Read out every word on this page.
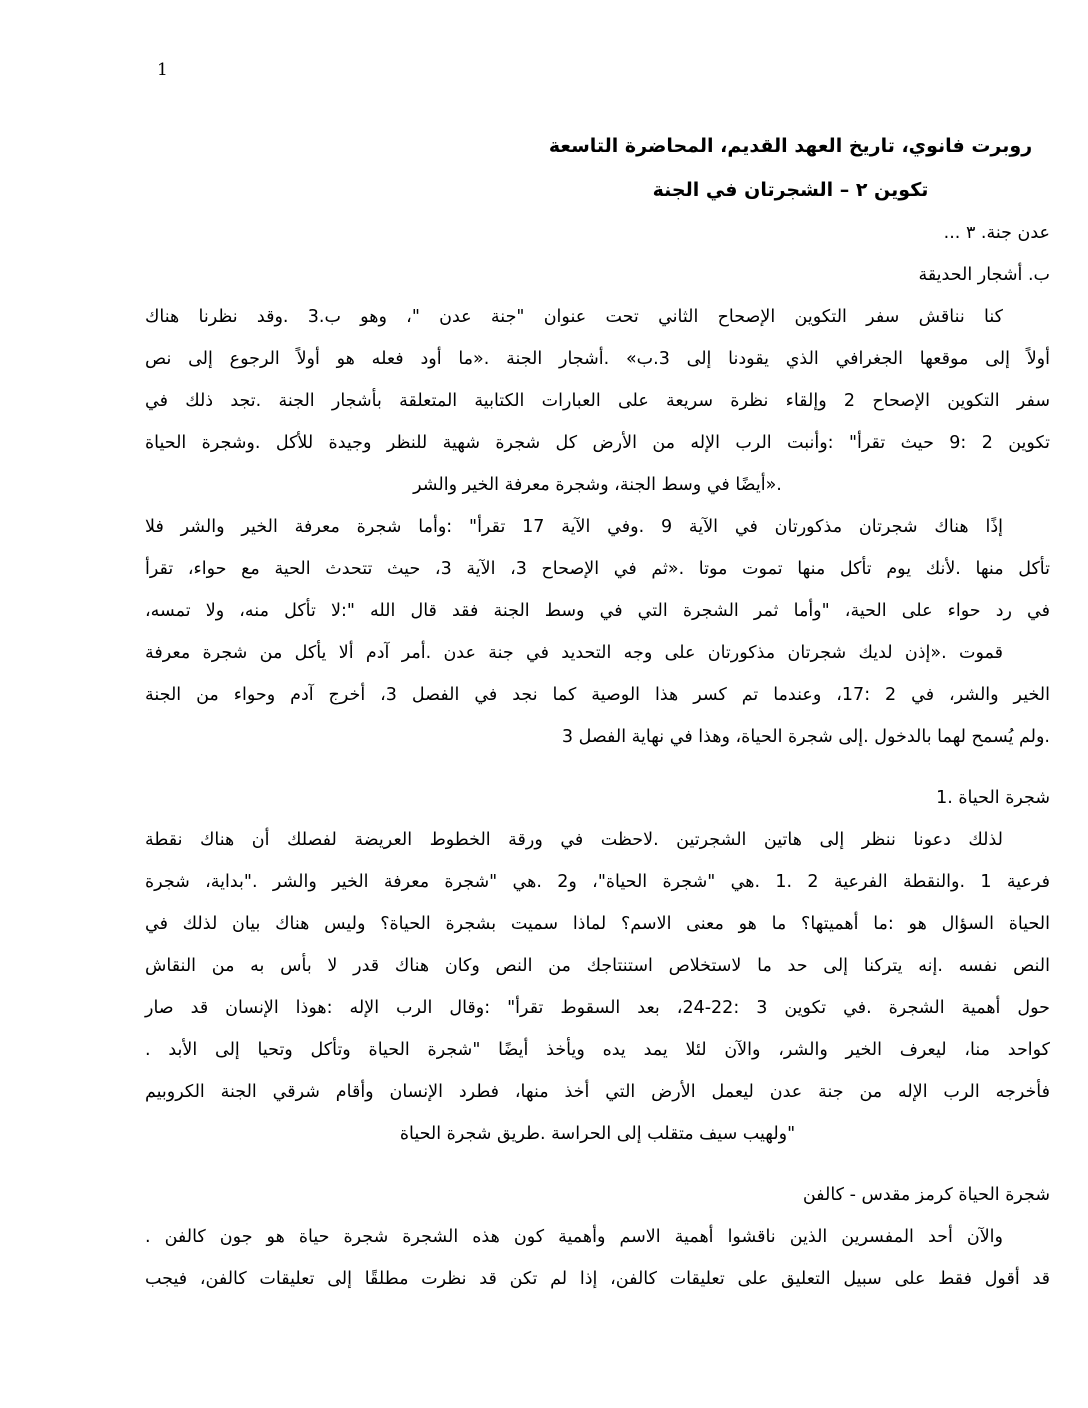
1
روبرت فانوي، تاريخ العهد القديم، المحاضرة التاسعة
تكوين ٢ – الشجرتان في الجنة
عدن جنة. ٣ ...
ب. أشجار الحديقة
كنا نناقش سفر التكوين الإصحاح الثاني تحت عنوان "جنة عدن "، وهو ب.3 .وقد نظرنا هناك
أولاً إلى موقعها الجغرافي الذي يقودنا إلى 3.ب» .أشجار الجنة .«ما أود فعله هو أولاً الرجوع إلى نص
سفر التكوين الإصحاح 2 وإلقاء نظرة سريعة على العبارات الكتابية المتعلقة بأشجار الجنة .تجد ذلك في
تكوين 2 :9 حيث تقرأ" :وأنبت الرب الإله من الأرض كل شجرة شهية للنظر وجيدة للأكل .وشجرة الحياة
.«أيضًا في وسط الجنة، وشجرة معرفة الخير والشر
إذًا هناك شجرتان مذكورتان في الآية 9 .وفي الآية 17 تقرأ" :وأما شجرة معرفة الخير والشر فلا
تأكل منها .لأنك يوم تأكل منها تموت موتا .«ثم في الإصحاح 3، الآية 3، حيث تتحدث الحية مع حواء، تقرأ
في رد حواء على الحية، "وأما ثمر الشجرة التي في وسط الجنة فقد قال الله ":لا تأكل منه، ولا تمسه،
قموت .«إذن لديك شجرتان مذكورتان على وجه التحديد في جنة عدن .أمر آدم ألا يأكل من شجرة معرفة
الخير والشر، في 2 :17، وعندما تم كسر هذا الوصية كما نجد في الفصل 3، أخرج آدم وحواء من الجنة
.ولم يُسمح لهما بالدخول .إلى شجرة الحياة، وهذا في نهاية الفصل 3
شجرة الحياة .1
لذلك دعونا ننظر إلى هاتين الشجرتين .لاحظت في ورقة الخطوط العريضة لفصلك أن هناك نقطة
فرعية 1 .والنقطة الفرعية 2 .1 .هي "شجرة الحياة"، و2 .هي "شجرة معرفة الخير والشر ."بداية، شجرة
الحياة السؤال هو :ما أهميتها؟ ما هو معنى الاسم؟ لماذا سميت بشجرة الحياة؟ وليس هناك بيان لذلك في
النص نفسه .إنه يتركنا إلى حد ما لاستخلاص استنتاجك من النص وكان هناك قدر لا بأس به من النقاش
حول أهمية الشجرة .في تكوين 3 :22-24، بعد السقوط تقرأ" :وقال الرب الإله :هوذا الإنسان قد صار
كواحد منا، ليعرف الخير والشر، والآن لئلا يمد يده ويأخذ أيضًا "شجرة الحياة وتأكل وتحيا إلى الأبد .
فأخرجه الرب الإله من جنة عدن ليعمل الأرض التي أخذ منها، فطرد الإنسان وأقام شرقي الجنة الكروبيم
"ولهيب سيف متقلب إلى الحراسة .طريق شجرة الحياة
شجرة الحياة كرمز مقدس - كالفن
والآن أحد المفسرين الذين ناقشوا أهمية الاسم وأهمية كون هذه الشجرة شجرة حياة هو جون كالفن .
قد أقول فقط على سبيل التعليق على تعليقات كالفن، إذا لم تكن قد نظرت مطلقًا إلى تعليقات كالفن، فيجب
